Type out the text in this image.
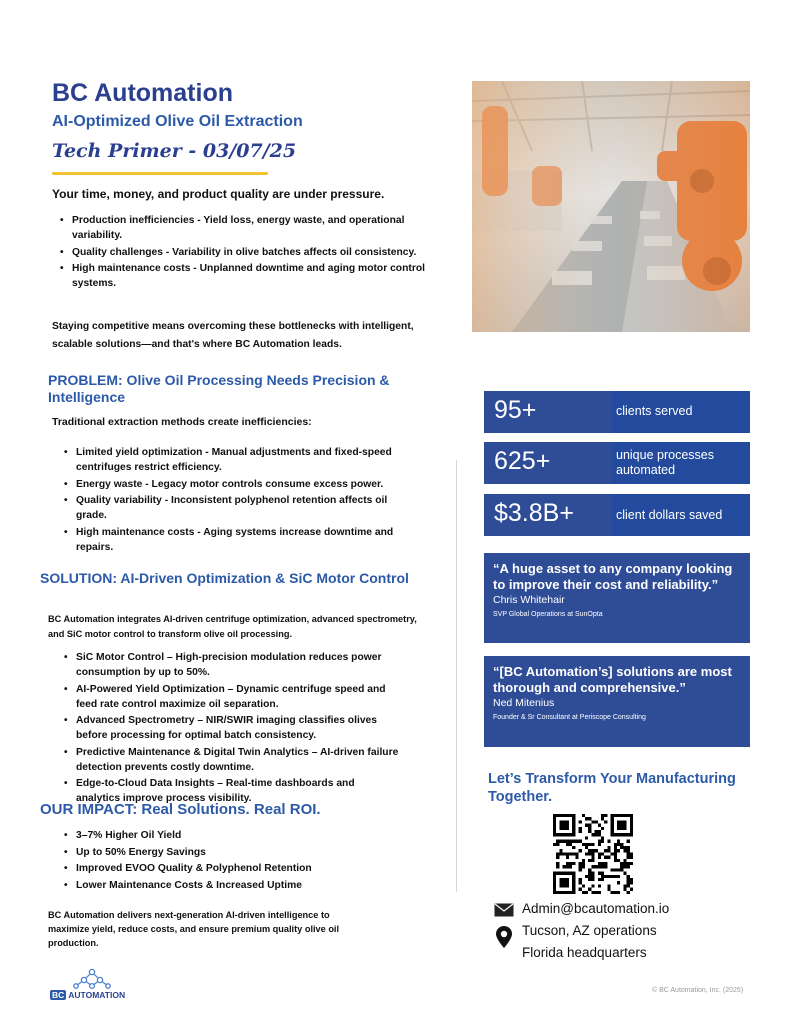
BC Automation
AI-Optimized Olive Oil Extraction
Tech Primer - 03/07/25
Your time, money, and product quality are under pressure.
• Production inefficiencies - Yield loss, energy waste, and operational variability.
• Quality challenges - Variability in olive batches affects oil consistency.
• High maintenance costs - Unplanned downtime and aging motor control systems.
Staying competitive means overcoming these bottlenecks with intelligent, scalable solutions—and that's where BC Automation leads.
PROBLEM: Olive Oil Processing Needs Precision & Intelligence
Traditional extraction methods create inefficiencies:
• Limited yield optimization - Manual adjustments and fixed-speed centrifuges restrict efficiency.
• Energy waste - Legacy motor controls consume excess power.
• Quality variability - Inconsistent polyphenol retention affects oil grade.
• High maintenance costs - Aging systems increase downtime and repairs.
SOLUTION: AI-Driven Optimization & SiC Motor Control
BC Automation integrates AI-driven centrifuge optimization, advanced spectrometry, and SiC motor control to transform olive oil processing.
• SiC Motor Control – High-precision modulation reduces power consumption by up to 50%.
• AI-Powered Yield Optimization – Dynamic centrifuge speed and feed rate control maximize oil separation.
• Advanced Spectrometry – NIR/SWIR imaging classifies olives before processing for optimal batch consistency.
• Predictive Maintenance & Digital Twin Analytics – AI-driven failure detection prevents costly downtime.
• Edge-to-Cloud Data Insights – Real-time dashboards and analytics improve process visibility.
OUR IMPACT: Real Solutions. Real ROI.
• 3–7% Higher Oil Yield
• Up to 50% Energy Savings
• Improved EVOO Quality & Polyphenol Retention
• Lower Maintenance Costs & Increased Uptime
BC Automation delivers next-generation AI-driven intelligence to maximize yield, reduce costs, and ensure premium quality olive oil production.
BC AUTOMATION
95+	clients served
625+	unique processes automated
$3.8B+	client dollars saved
“A huge asset to any company looking to improve their cost and reliability.”
Chris Whitehair
SVP Global Operations at SunOpta
“[BC Automation’s] solutions are most thorough and comprehensive.”
Ned Mitenius
Founder & Sr Consultant at Periscope Consulting
Let’s Transform Your Manufacturing Together.
Admin@bcautomation.io
Tucson, AZ operations
Florida headquarters
© BC Automation, Inc. (2025)
